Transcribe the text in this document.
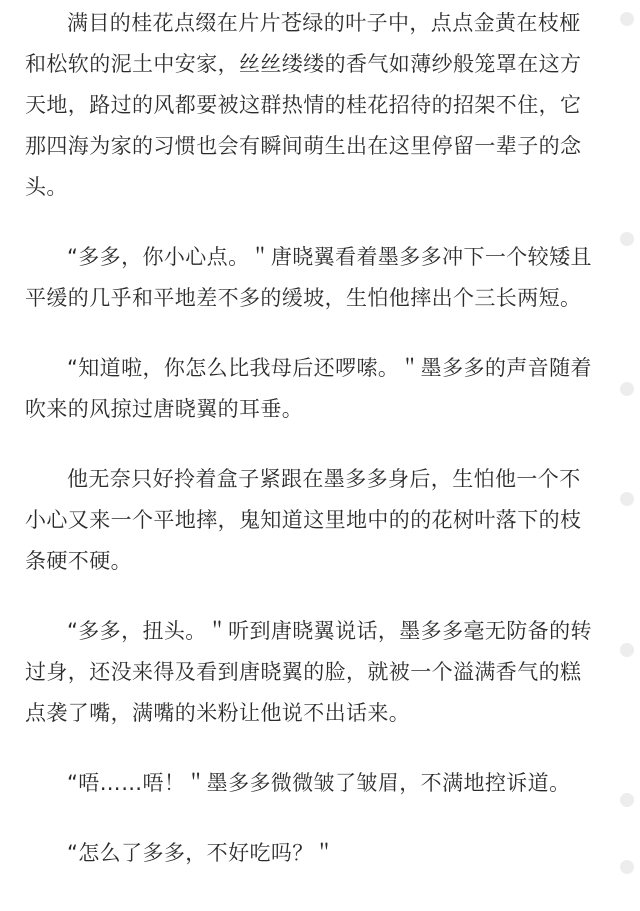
满目的桂花点缀在片片苍绿的叶子中，点点金黄在枝桠和松软的泥土中安家，丝丝缕缕的香气如薄纱般笼罩在这方天地，路过的风都要被这群热情的桂花招待的招架不住，它那四海为家的习惯也会有瞬间萌生出在这里停留一辈子的念头。

“多多，你小心点。＂唐晓翼看着墨多多冲下一个较矮且平缓的几乎和平地差不多的缓坡，生怕他摔出个三长两短。

“知道啦，你怎么比我母后还啰嗦。＂墨多多的声音随着吹来的风掠过唐晓翼的耳垂。

他无奈只好拎着盒子紧跟在墨多多身后，生怕他一个不小心又来一个平地摔，鬼知道这里地中的的花树叶落下的枝条硬不硬。

“多多，扭头。＂听到唐晓翼说话，墨多多毫无防备的转过身，还没来得及看到唐晓翼的脸，就被一个溢满香气的糕点袭了嘴，满嘴的米粉让他说不出话来。

“唔……唔！＂墨多多微微皱了皱眉，不满地控诉道。

“怎么了多多，不好吃吗？＂
